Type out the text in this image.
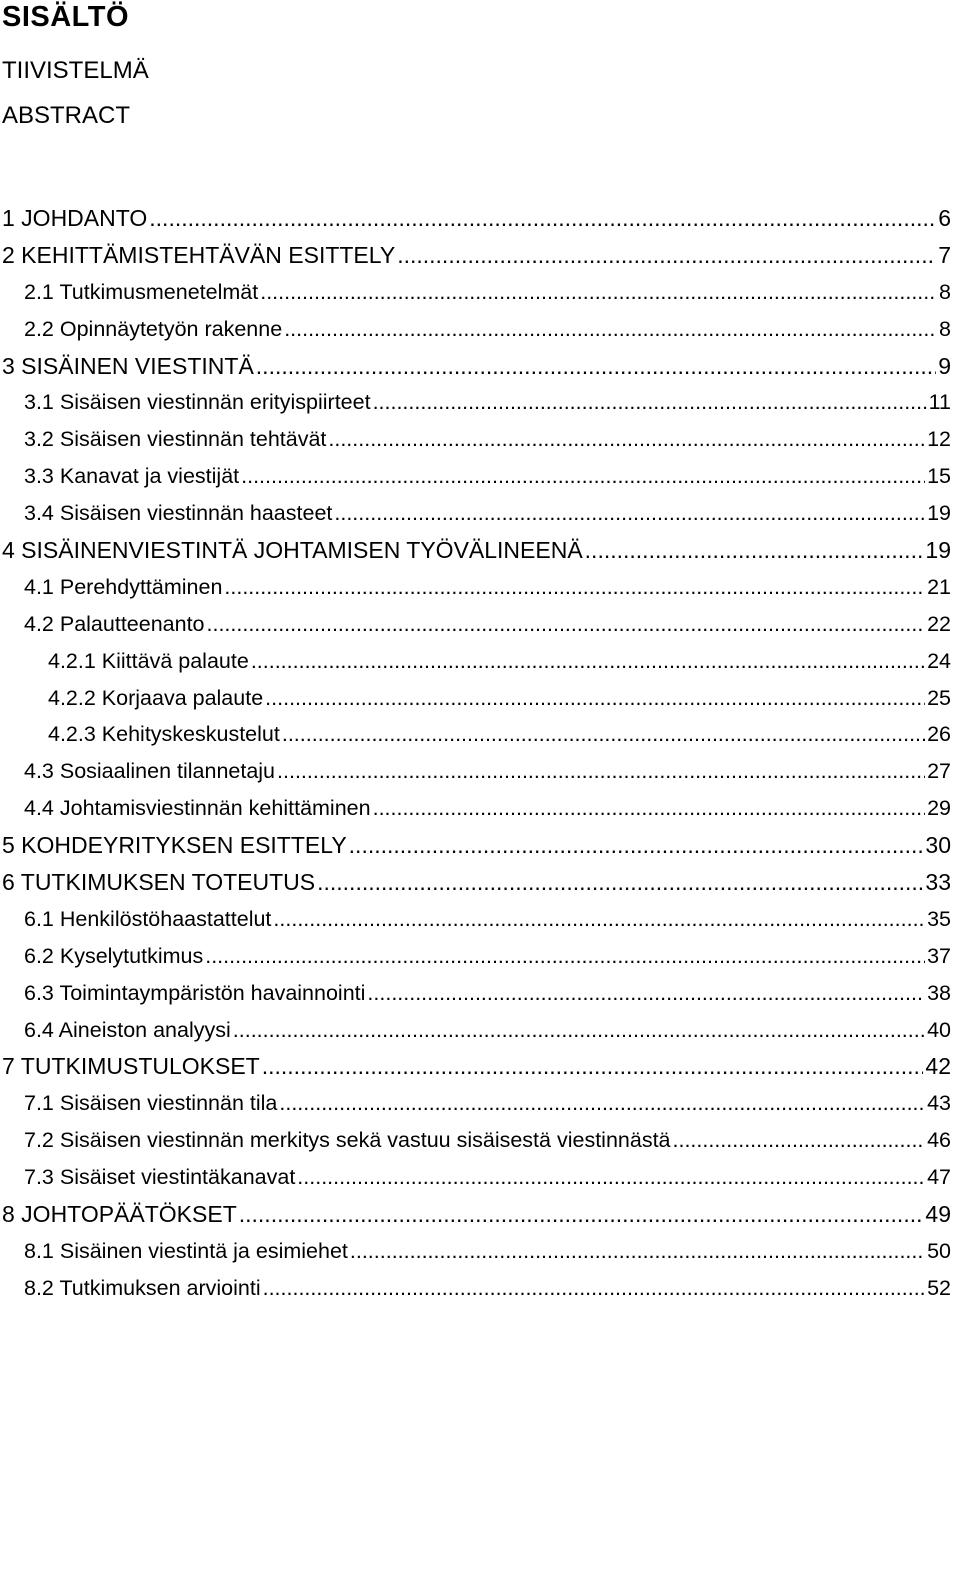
SISÄLTÖ

TIIVISTELMÄ

ABSTRACT

1 JOHDANTO .....	6
2 KEHITTÄMISTEHTÄVÄN ESITTELY .....	7
2.1 Tutkimusmenetelmät .....	8
2.2 Opinnäytetyön rakenne .....	8
3 SISÄINEN VIESTINTÄ .....	9
3.1 Sisäisen viestinnän erityispiirteet .....	11
3.2 Sisäisen viestinnän tehtävät .....	12
3.3 Kanavat ja viestijät .....	15
3.4 Sisäisen viestinnän haasteet .....	19
4 SISÄINENVIESTINTÄ JOHTAMISEN TYÖVÄLINEENÄ .....	19
4.1 Perehdyttäminen .....	21
4.2 Palautteenanto .....	22
4.2.1 Kiittävä palaute .....	24
4.2.2 Korjaava palaute .....	25
4.2.3 Kehityskeskustelut .....	26
4.3 Sosiaalinen tilannetaju .....	27
4.4 Johtamisviestinnän kehittäminen .....	29
5 KOHDEYRITYKSEN ESITTELY .....	30
6 TUTKIMUKSEN TOTEUTUS .....	33
6.1 Henkilöstöhaastattelut .....	35
6.2 Kyselytutkimus .....	37
6.3 Toimintaympäristön havainnointi .....	38
6.4 Aineiston analyysi .....	40
7 TUTKIMUSTULOKSET .....	42
7.1 Sisäisen viestinnän tila .....	43
7.2 Sisäisen viestinnän merkitys sekä vastuu sisäisestä viestinnästä .....	46
7.3 Sisäiset viestintäkanavat .....	47
8 JOHTOPÄÄTÖKSET .....	49
8.1 Sisäinen viestintä ja esimiehet .....	50
8.2 Tutkimuksen arviointi .....	52
